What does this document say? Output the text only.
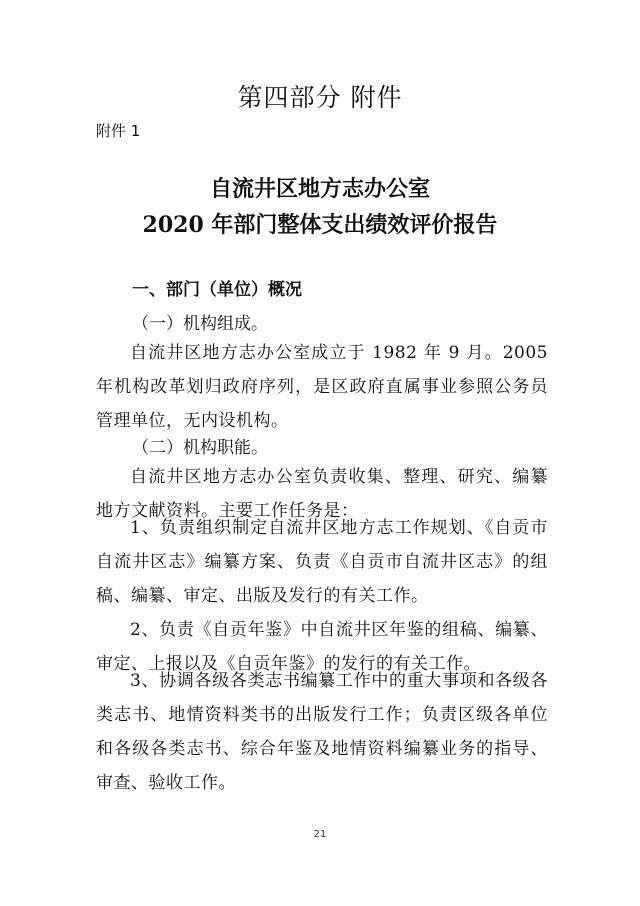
第四部分 附件
附件 1
自流井区地方志办公室
2020 年部门整体支出绩效评价报告
一、部门（单位）概况
（一）机构组成。
自流井区地方志办公室成立于 1982 年 9 月。2005 年机构改革划归政府序列，是区政府直属事业参照公务员管理单位，无内设机构。
（二）机构职能。
自流井区地方志办公室负责收集、整理、研究、编纂地方文献资料。主要工作任务是：
1、负责组织制定自流井区地方志工作规划、《自贡市自流井区志》编纂方案、负责《自贡市自流井区志》的组稿、编纂、审定、出版及发行的有关工作。
2、负责《自贡年鉴》中自流井区年鉴的组稿、编纂、审定、上报以及《自贡年鉴》的发行的有关工作。
3、协调各级各类志书编纂工作中的重大事项和各级各类志书、地情资料类书的出版发行工作；负责区级各单位和各级各类志书、综合年鉴及地情资料编纂业务的指导、审查、验收工作。
21
